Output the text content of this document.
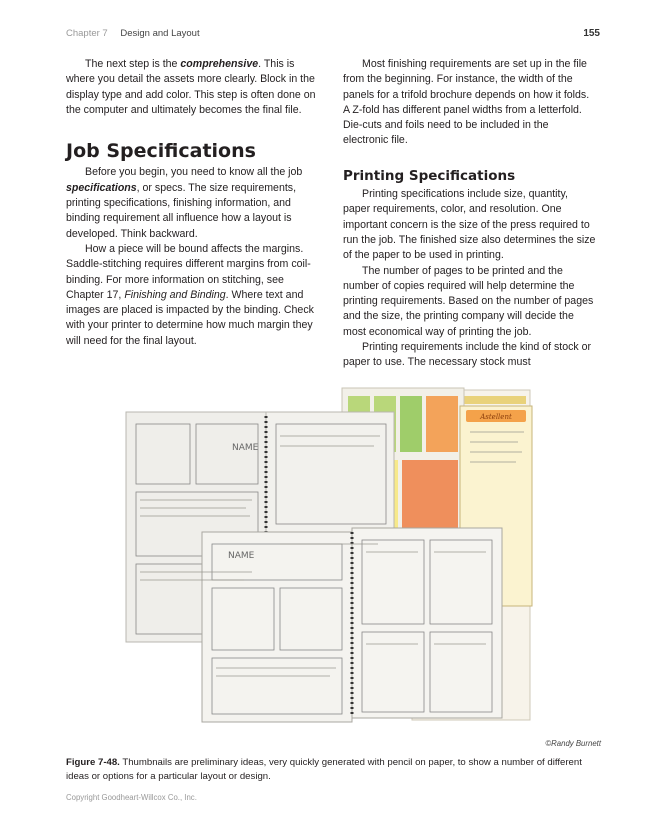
Chapter 7 Design and Layout	155

The next step is the comprehensive. This is where you detail the assets more clearly. Block in the display type and add color. This step is often done on the computer and ultimately becomes the final file.

Job Specifications

Before you begin, you need to know all the job specifications, or specs. The size requirements, printing specifications, finishing information, and binding requirement all influence how a layout is developed. Think backward.

How a piece will be bound affects the margins. Saddle-stitching requires different margins from coil-binding. For more information on stitching, see Chapter 17, Finishing and Binding. Where text and images are placed is impacted by the binding. Check with your printer to determine how much margin they will need for the final layout.

Most finishing requirements are set up in the file from the beginning. For instance, the width of the panels for a trifold brochure depends on how it folds. A Z-fold has different panel widths from a letterfold. Die-cuts and foils need to be included in the electronic file.

Printing Specifications

Printing specifications include size, quantity, paper requirements, color, and resolution. One important concern is the size of the press required to run the job. The finished size also determines the size of the paper to be used in printing.

The number of pages to be printed and the number of copies required will help determine the printing requirements. Based on the number of pages and the size, the printing company will decide the most economical way of printing the job.

Printing requirements include the kind of stock or paper to use. The necessary stock must

Astellent
NAME
NAME
©Randy Burnett
Figure 7-48. Thumbnails are preliminary ideas, very quickly generated with pencil on paper, to show a number of different ideas or options for a particular layout or design.
Copyright Goodheart-Willcox Co., Inc.
